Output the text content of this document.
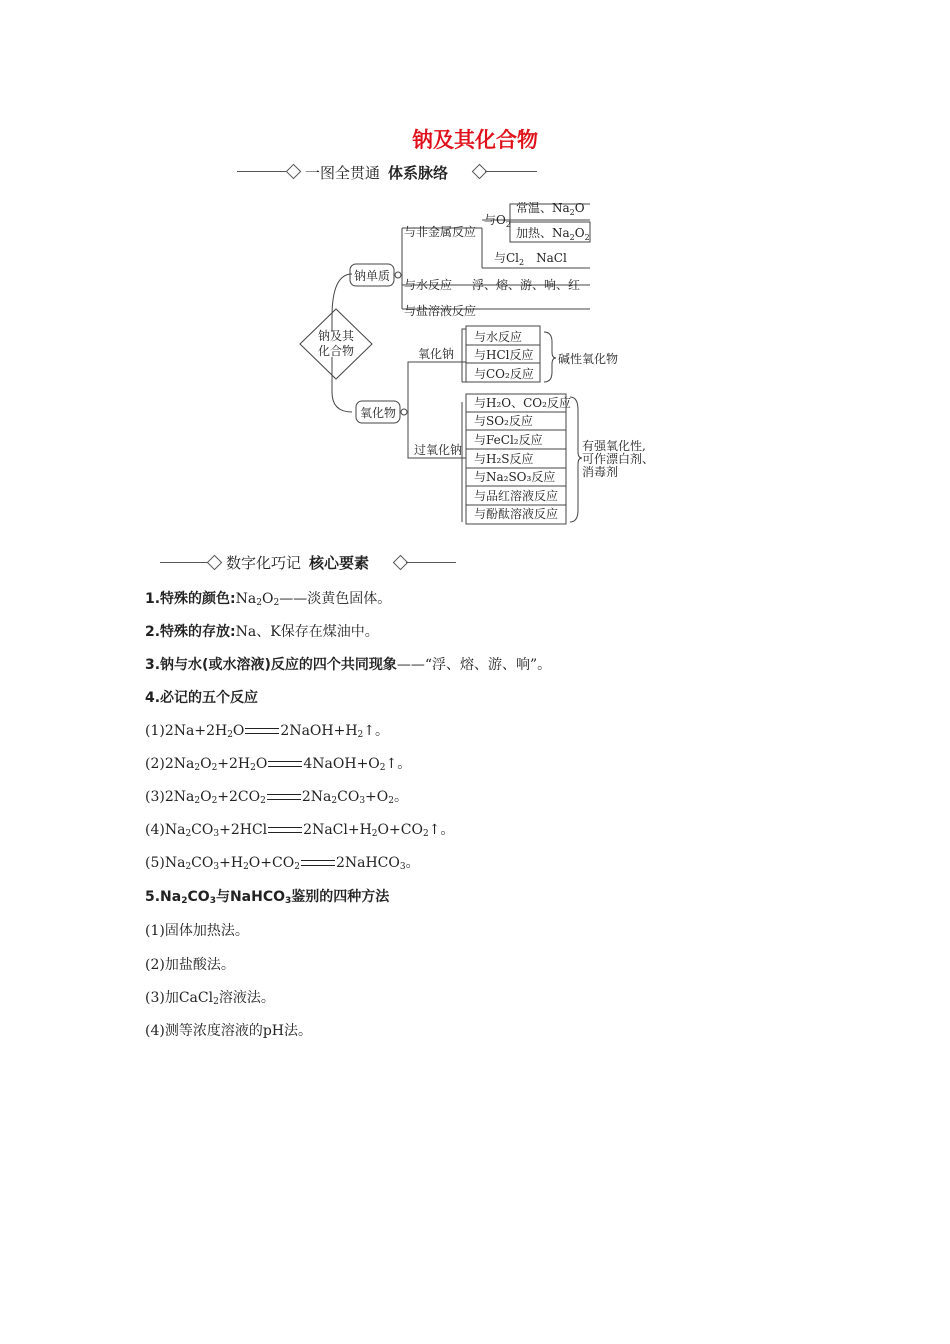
钠及其化合物
一图全贯通 体系脉络
钠及其
化合物
钠单质
氧化物
与非金属反应
与$O_2$
常温、$Na_2O$
加热、$Na_2O_2$
与$Cl_2$ NaCl
与水反应 浮、熔、游、响、红
与盐溶液反应
氧化钠
与水反应
与HCl反应
与CO₂反应
碱性氧化物
过氧化钠
与H₂O、CO₂反应
与SO₂反应
与FeCl₂反应
与H₂S反应
与Na₂SO₃反应
与品红溶液反应
与酚酞溶液反应
有强氧化性,
可作漂白剂、
消毒剂
数字化巧记 核心要素
1.特殊的颜色$:Na_2O_2——$淡黄色固体。
2.特殊的存放:Na、K保存在煤油中。
3.钠与水(或水溶液)反应的四个共同现象——“浮、熔、游、响”。
4.必记的五个反应
$(1)2Na+2H_2O$	$2NaOH+H_2↑$。
$(2)2Na_2O_2+2H_2O$	$4NaOH+O_2↑$。
$(3)2Na_2O_2+2CO_2$	$2Na_2CO_3+O_2$。
$(4)Na_2CO_3+2HCl$	$2NaCl+H_2O+CO_2↑$。
$(5)Na_2CO_3+H_2O+CO_2$	2NaHCO$_3$。
$5.Na_2CO_3$与NaHCO$_3$鉴别的四种方法
(1)固体加热法。
(2)加盐酸法。
(3)加CaCl$_2$溶液法。
(4)测等浓度溶液的pH法。
